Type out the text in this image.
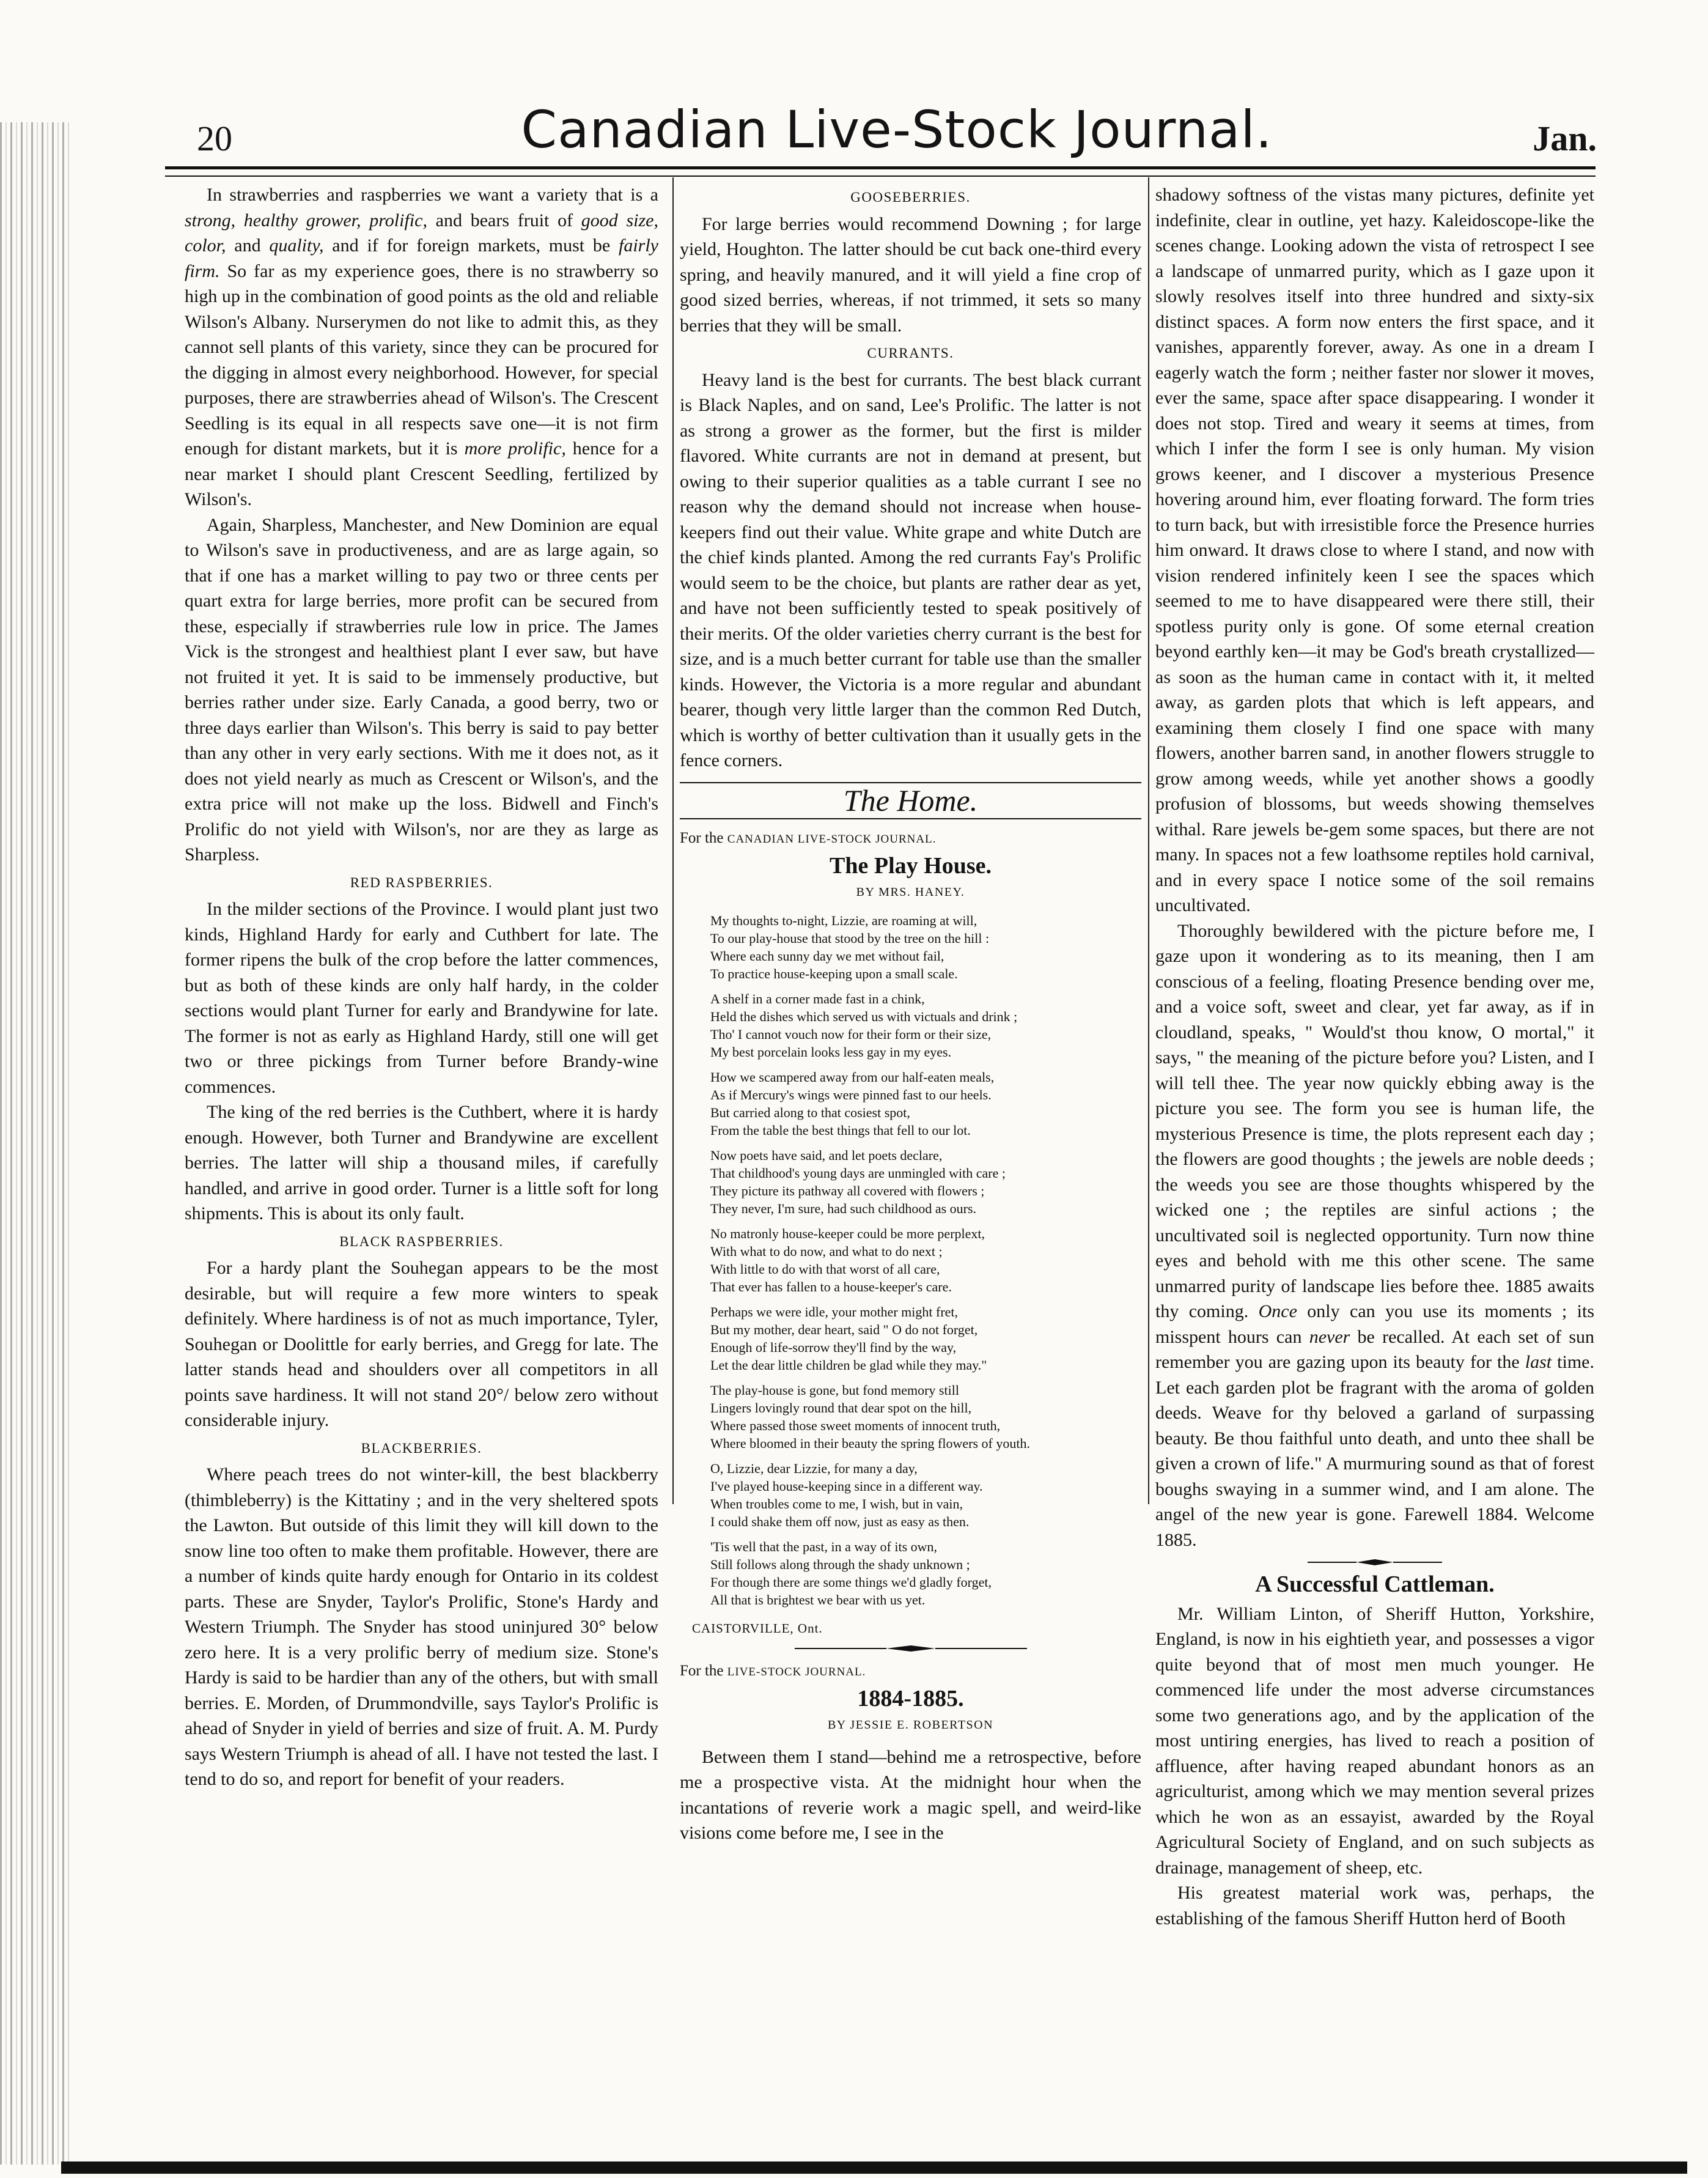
20	Canadian Live-Stock Journal.	Jan.

In strawberries and raspberries we want a variety that is a strong, healthy grower, prolific, and bears fruit of good size, color, and quality, and if for foreign markets, must be fairly firm. So far as my experience goes, there is no strawberry so high up in the combination of good points as the old and reliable Wilson's Albany. Nurserymen do not like to admit this, as they cannot sell plants of this variety, since they can be procured for the digging in almost every neighborhood. However, for special purposes, there are strawberries ahead of Wilson's. The Crescent Seedling is its equal in all respects save one—it is not firm enough for distant markets, but it is more prolific, hence for a near market I should plant Crescent Seedling, fertilized by Wilson's.

Again, Sharpless, Manchester, and New Dominion are equal to Wilson's save in productiveness, and are as large again, so that if one has a market willing to pay two or three cents per quart extra for large berries, more profit can be secured from these, especially if strawberries rule low in price. The James Vick is the strongest and healthiest plant I ever saw, but have not fruited it yet. It is said to be immensely productive, but berries rather under size. Early Canada, a good berry, two or three days earlier than Wilson's. This berry is said to pay better than any other in very early sections. With me it does not, as it does not yield nearly as much as Crescent or Wilson's, and the extra price will not make up the loss. Bidwell and Finch's Prolific do not yield with Wilson's, nor are they as large as Sharpless.

RED RASPBERRIES.

In the milder sections of the Province. I would plant just two kinds, Highland Hardy for early and Cuthbert for late. The former ripens the bulk of the crop before the latter commences, but as both of these kinds are only half hardy, in the colder sections would plant Turner for early and Brandywine for late. The former is not as early as Highland Hardy, still one will get two or three pickings from Turner before Brandy-wine commences.

The king of the red berries is the Cuthbert, where it is hardy enough. However, both Turner and Brandywine are excellent berries. The latter will ship a thousand miles, if carefully handled, and arrive in good order. Turner is a little soft for long shipments. This is about its only fault.

BLACK RASPBERRIES.

For a hardy plant the Souhegan appears to be the most desirable, but will require a few more winters to speak definitely. Where hardiness is of not as much importance, Tyler, Souhegan or Doolittle for early berries, and Gregg for late. The latter stands head and shoulders over all competitors in all points save hardiness. It will not stand 20°/ below zero without considerable injury.

BLACKBERRIES.

Where peach trees do not winter-kill, the best blackberry (thimbleberry) is the Kittatiny ; and in the very sheltered spots the Lawton. But outside of this limit they will kill down to the snow line too often to make them profitable. However, there are a number of kinds quite hardy enough for Ontario in its coldest parts. These are Snyder, Taylor's Prolific, Stone's Hardy and Western Triumph. The Snyder has stood uninjured 30° below zero here. It is a very prolific berry of medium size. Stone's Hardy is said to be hardier than any of the others, but with small berries. E. Morden, of Drummondville, says Taylor's Prolific is ahead of Snyder in yield of berries and size of fruit. A. M. Purdy says Western Triumph is ahead of all. I have not tested the last. I tend to do so, and report for benefit of your readers.

GOOSEBERRIES.

For large berries would recommend Downing ; for large yield, Houghton. The latter should be cut back one-third every spring, and heavily manured, and it will yield a fine crop of good sized berries, whereas, if not trimmed, it sets so many berries that they will be small.

CURRANTS.

Heavy land is the best for currants. The best black currant is Black Naples, and on sand, Lee's Prolific. The latter is not as strong a grower as the former, but the first is milder flavored. White currants are not in demand at present, but owing to their superior qualities as a table currant I see no reason why the demand should not increase when house-keepers find out their value. White grape and white Dutch are the chief kinds planted. Among the red currants Fay's Prolific would seem to be the choice, but plants are rather dear as yet, and have not been sufficiently tested to speak positively of their merits. Of the older varieties cherry currant is the best for size, and is a much better currant for table use than the smaller kinds. However, the Victoria is a more regular and abundant bearer, though very little larger than the common Red Dutch, which is worthy of better cultivation than it usually gets in the fence corners.

The Home.
For the CANADIAN LIVE-STOCK JOURNAL.
The Play House.
BY MRS. HANEY.
My thoughts to-night, Lizzie, are roaming at will,
To our play-house that stood by the tree on the hill :
Where each sunny day we met without fail,
To practice house-keeping upon a small scale.
A shelf in a corner made fast in a chink,
Held the dishes which served us with victuals and drink ;
Tho' I cannot vouch now for their form or their size,
My best porcelain looks less gay in my eyes.
How we scampered away from our half-eaten meals,
As if Mercury's wings were pinned fast to our heels.
But carried along to that cosiest spot,
From the table the best things that fell to our lot.
Now poets have said, and let poets declare,
That childhood's young days are unmingled with care ;
They picture its pathway all covered with flowers ;
They never, I'm sure, had such childhood as ours.
No matronly house-keeper could be more perplext,
With what to do now, and what to do next ;
With little to do with that worst of all care,
That ever has fallen to a house-keeper's care.
Perhaps we were idle, your mother might fret,
But my mother, dear heart, said " O do not forget,
Enough of life-sorrow they'll find by the way,
Let the dear little children be glad while they may."
The play-house is gone, but fond memory still
Lingers lovingly round that dear spot on the hill,
Where passed those sweet moments of innocent truth,
Where bloomed in their beauty the spring flowers of youth.
O, Lizzie, dear Lizzie, for many a day,
I've played house-keeping since in a different way.
When troubles come to me, I wish, but in vain,
I could shake them off now, just as easy as then.
'Tis well that the past, in a way of its own,
Still follows along through the shady unknown ;
For though there are some things we'd gladly forget,
All that is brightest we bear with us yet.
CAISTORVILLE, Ont.
For the LIVE-STOCK JOURNAL.
1884-1885.
BY JESSIE E. ROBERTSON

Between them I stand—behind me a retrospective, before me a prospective vista. At the midnight hour when the incantations of reverie work a magic spell, and weird-like visions come before me, I see in the

shadowy softness of the vistas many pictures, definite yet indefinite, clear in outline, yet hazy. Kaleidoscope-like the scenes change. Looking adown the vista of retrospect I see a landscape of unmarred purity, which as I gaze upon it slowly resolves itself into three hundred and sixty-six distinct spaces. A form now enters the first space, and it vanishes, apparently forever, away. As one in a dream I eagerly watch the form ; neither faster nor slower it moves, ever the same, space after space disappearing. I wonder it does not stop. Tired and weary it seems at times, from which I infer the form I see is only human. My vision grows keener, and I discover a mysterious Presence hovering around him, ever floating forward. The form tries to turn back, but with irresistible force the Presence hurries him onward. It draws close to where I stand, and now with vision rendered infinitely keen I see the spaces which seemed to me to have disappeared were there still, their spotless purity only is gone. Of some eternal creation beyond earthly ken—it may be God's breath crystallized—as soon as the human came in contact with it, it melted away, as garden plots that which is left appears, and examining them closely I find one space with many flowers, another barren sand, in another flowers struggle to grow among weeds, while yet another shows a goodly profusion of blossoms, but weeds showing themselves withal. Rare jewels be-gem some spaces, but there are not many. In spaces not a few loathsome reptiles hold carnival, and in every space I notice some of the soil remains uncultivated.

Thoroughly bewildered with the picture before me, I gaze upon it wondering as to its meaning, then I am conscious of a feeling, floating Presence bending over me, and a voice soft, sweet and clear, yet far away, as if in cloudland, speaks, " Would'st thou know, O mortal," it says, " the meaning of the picture before you? Listen, and I will tell thee. The year now quickly ebbing away is the picture you see. The form you see is human life, the mysterious Presence is time, the plots represent each day ; the flowers are good thoughts ; the jewels are noble deeds ; the weeds you see are those thoughts whispered by the wicked one ; the reptiles are sinful actions ; the uncultivated soil is neglected opportunity. Turn now thine eyes and behold with me this other scene. The same unmarred purity of landscape lies before thee. 1885 awaits thy coming. Once only can you use its moments ; its misspent hours can never be recalled. At each set of sun remember you are gazing upon its beauty for the last time. Let each garden plot be fragrant with the aroma of golden deeds. Weave for thy beloved a garland of surpassing beauty. Be thou faithful unto death, and unto thee shall be given a crown of life." A murmuring sound as that of forest boughs swaying in a summer wind, and I am alone. The angel of the new year is gone. Farewell 1884. Welcome 1885.

A Successful Cattleman.

Mr. William Linton, of Sheriff Hutton, Yorkshire, England, is now in his eightieth year, and possesses a vigor quite beyond that of most men much younger. He commenced life under the most adverse circumstances some two generations ago, and by the application of the most untiring energies, has lived to reach a position of affluence, after having reaped abundant honors as an agriculturist, among which we may mention several prizes which he won as an essayist, awarded by the Royal Agricultural Society of England, and on such subjects as drainage, management of sheep, etc.

His greatest material work was, perhaps, the establishing of the famous Sheriff Hutton herd of Booth
